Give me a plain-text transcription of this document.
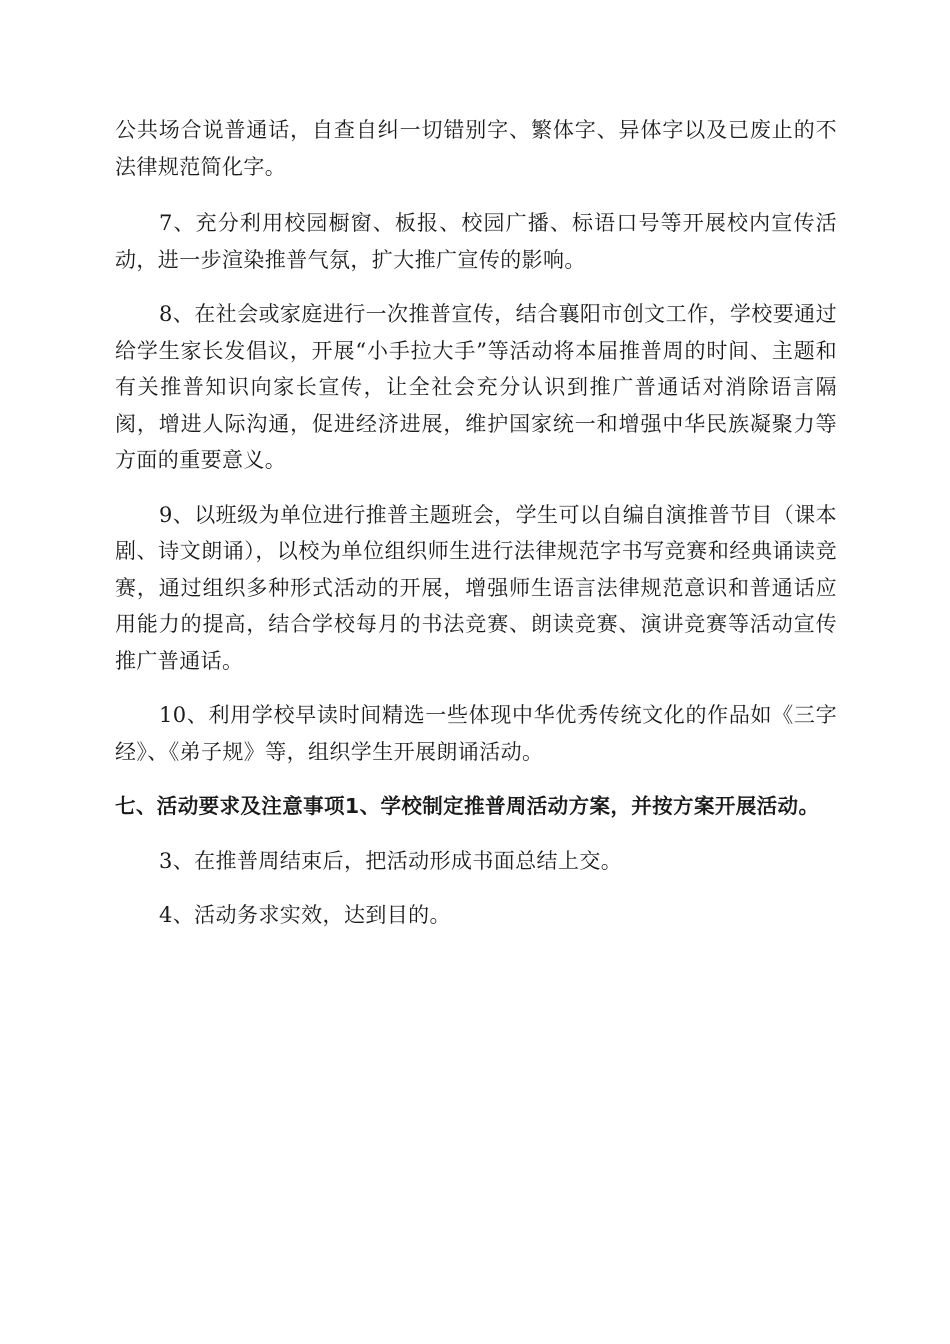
公共场合说普通话，自查自纠一切错别字、繁体字、异体字以及已废止的不法律规范简化字。

7、充分利用校园橱窗、板报、校园广播、标语口号等开展校内宣传活动，进一步渲染推普气氛，扩大推广宣传的影响。

8、在社会或家庭进行一次推普宣传，结合襄阳市创文工作，学校要通过给学生家长发倡议，开展“小手拉大手”等活动将本届推普周的时间、主题和有关推普知识向家长宣传，让全社会充分认识到推广普通话对消除语言隔阂，增进人际沟通，促进经济进展，维护国家统一和增强中华民族凝聚力等方面的重要意义。

9、以班级为单位进行推普主题班会，学生可以自编自演推普节目（课本剧、诗文朗诵），以校为单位组织师生进行法律规范字书写竞赛和经典诵读竞赛，通过组织多种形式活动的开展，增强师生语言法律规范意识和普通话应用能力的提高，结合学校每月的书法竞赛、朗读竞赛、演讲竞赛等活动宣传推广普通话。

10、利用学校早读时间精选一些体现中华优秀传统文化的作品如《三字经》、《弟子规》等，组织学生开展朗诵活动。

七、活动要求及注意事项1、学校制定推普周活动方案，并按方案开展活动。

3、在推普周结束后，把活动形成书面总结上交。

4、活动务求实效，达到目的。
